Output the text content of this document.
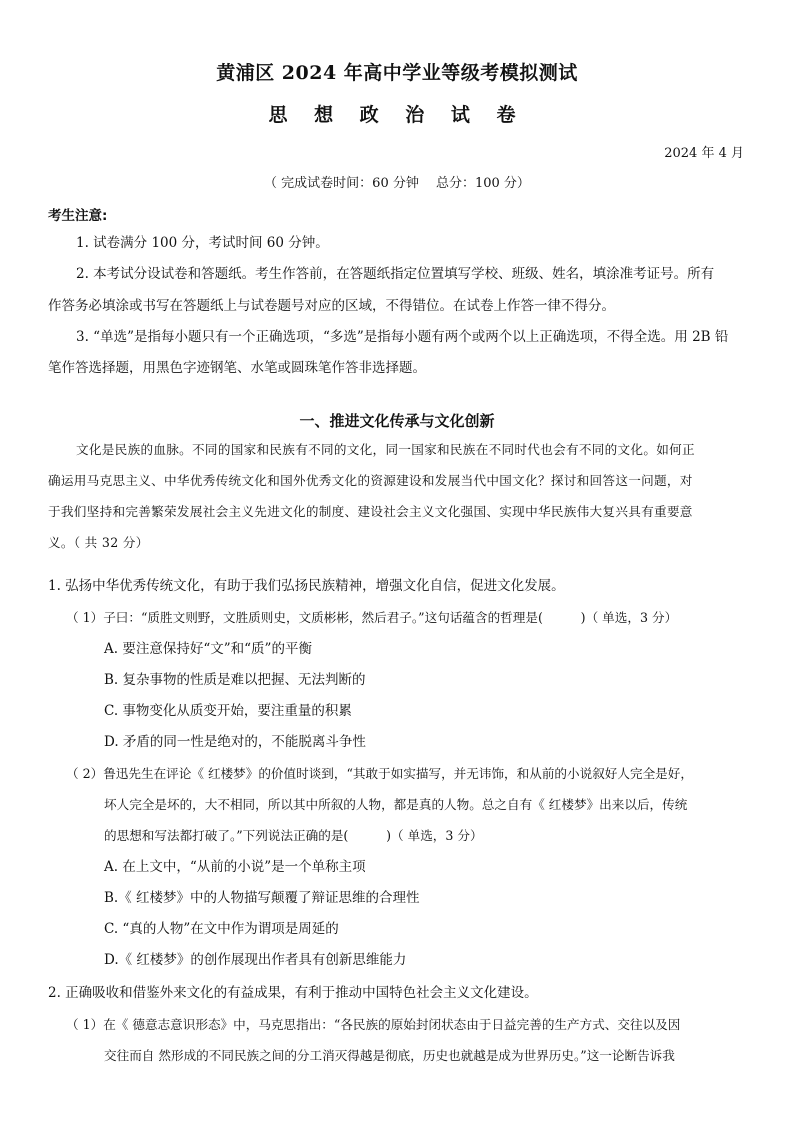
黄浦区 2024 年高中学业等级考模拟测试
思 想 政 治 试 卷
2024 年 4 月
（ 完成试卷时间：60 分钟　 总分：100 分）
考生注意:
1. 试卷满分 100 分，考试时间 60 分钟。
2. 本考试分设试卷和答题纸。考生作答前，在答题纸指定位置填写学校、班级、姓名，填涂准考证号。所有
作答务必填涂或书写在答题纸上与试卷题号对应的区域，不得错位。在试卷上作答一律不得分。
3. “单选”是指每小题只有一个正确选项，“多选”是指每小题有两个或两个以上正确选项，不得全选。用 2B 铅
笔作答选择题，用黑色字迹钢笔、水笔或圆珠笔作答非选择题。
一、推进文化传承与文化创新
文化是民族的血脉。不同的国家和民族有不同的文化，同一国家和民族在不同时代也会有不同的文化。如何正
确运用马克思主义、中华优秀传统文化和国外优秀文化的资源建设和发展当代中国文化？探讨和回答这一问题，对
于我们坚持和完善繁荣发展社会主义先进文化的制度、建设社会主义文化强国、实现中华民族伟大复兴具有重要意
义。（ 共 32 分）
1. 弘扬中华优秀传统文化，有助于我们弘扬民族精神，增强文化自信，促进文化发展。
（ 1）子曰：“质胜文则野，文胜质则史，文质彬彬，然后君子。”这句话蕴含的哲理是(　　　)（ 单选，3 分）
A. 要注意保持好“文”和“质”的平衡
B. 复杂事物的性质是难以把握、无法判断的
C. 事物变化从质变开始，要注重量的积累
D. 矛盾的同一性是绝对的，不能脱离斗争性
（ 2）鲁迅先生在评论《 红楼梦》的价值时谈到，“其敢于如实描写，并无讳饰，和从前的小说叙好人完全是好，
坏人完全是坏的，大不相同，所以其中所叙的人物，都是真的人物。总之自有《 红楼梦》出来以后，传统
的思想和写法都打破了。”下列说法正确的是(　　　)（ 单选，3 分）
A. 在上文中，“从前的小说”是一个单称主项
B.《 红楼梦》中的人物描写颠覆了辩证思维的合理性
C. “真的人物”在文中作为谓项是周延的
D.《 红楼梦》的创作展现出作者具有创新思维能力
2. 正确吸收和借鉴外来文化的有益成果，有利于推动中国特色社会主义文化建设。
（ 1）在《 德意志意识形态》中，马克思指出：“各民族的原始封闭状态由于日益完善的生产方式、交往以及因
交往而自 然形成的不同民族之间的分工消灭得越是彻底，历史也就越是成为世界历史。”这一论断告诉我
